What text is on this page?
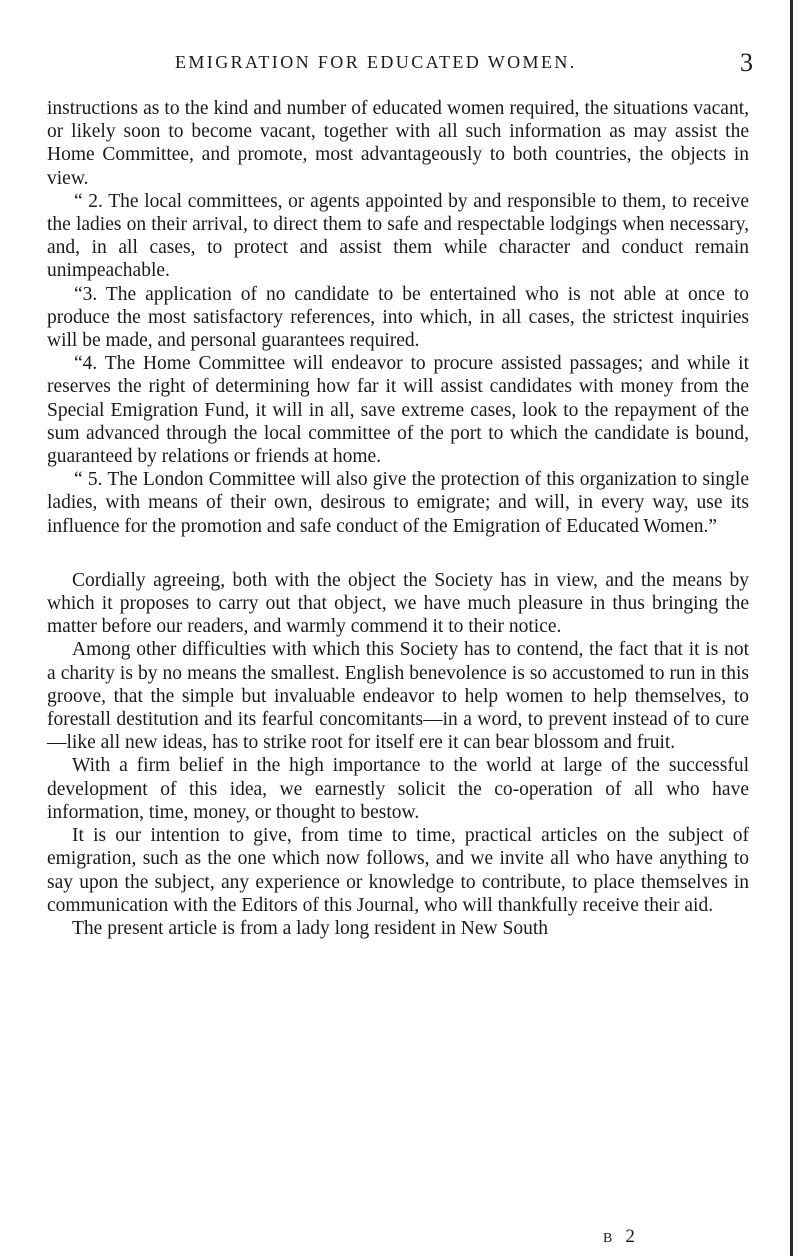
EMIGRATION FOR EDUCATED WOMEN.	3

instructions as to the kind and number of educated women required, the situations vacant, or likely soon to become vacant, together with all such information as may assist the Home Committee, and promote, most advantageously to both countries, the objects in view.

“ 2. The local committees, or agents appointed by and responsible to them, to receive the ladies on their arrival, to direct them to safe and respectable lodgings when necessary, and, in all cases, to protect and assist them while character and conduct remain unimpeachable.

“3. The application of no candidate to be entertained who is not able at once to produce the most satisfactory references, into which, in all cases, the strictest inquiries will be made, and personal guarantees required.

“4. The Home Committee will endeavor to procure assisted passages; and while it reserves the right of determining how far it will assist candidates with money from the Special Emigration Fund, it will in all, save extreme cases, look to the repayment of the sum advanced through the local committee of the port to which the candidate is bound, guaranteed by relations or friends at home.

“ 5. The London Committee will also give the protection of this organization to single ladies, with means of their own, desirous to emigrate; and will, in every way, use its influence for the promotion and safe conduct of the Emigration of Educated Women.”

Cordially agreeing, both with the object the Society has in view, and the means by which it proposes to carry out that object, we have much pleasure in thus bringing the matter before our readers, and warmly commend it to their notice.

Among other difficulties with which this Society has to contend, the fact that it is not a charity is by no means the smallest. English benevolence is so accustomed to run in this groove, that the simple but invaluable endeavor to help women to help themselves, to forestall destitution and its fearful concomitants—in a word, to prevent instead of to cure—like all new ideas, has to strike root for itself ere it can bear blossom and fruit.

With a firm belief in the high importance to the world at large of the successful development of this idea, we earnestly solicit the co-operation of all who have information, time, money, or thought to bestow.

It is our intention to give, from time to time, practical articles on the subject of emigration, such as the one which now follows, and we invite all who have anything to say upon the subject, any experience or knowledge to contribute, to place themselves in communication with the Editors of this Journal, who will thankfully receive their aid.

The present article is from a lady long resident in New South

B 2
